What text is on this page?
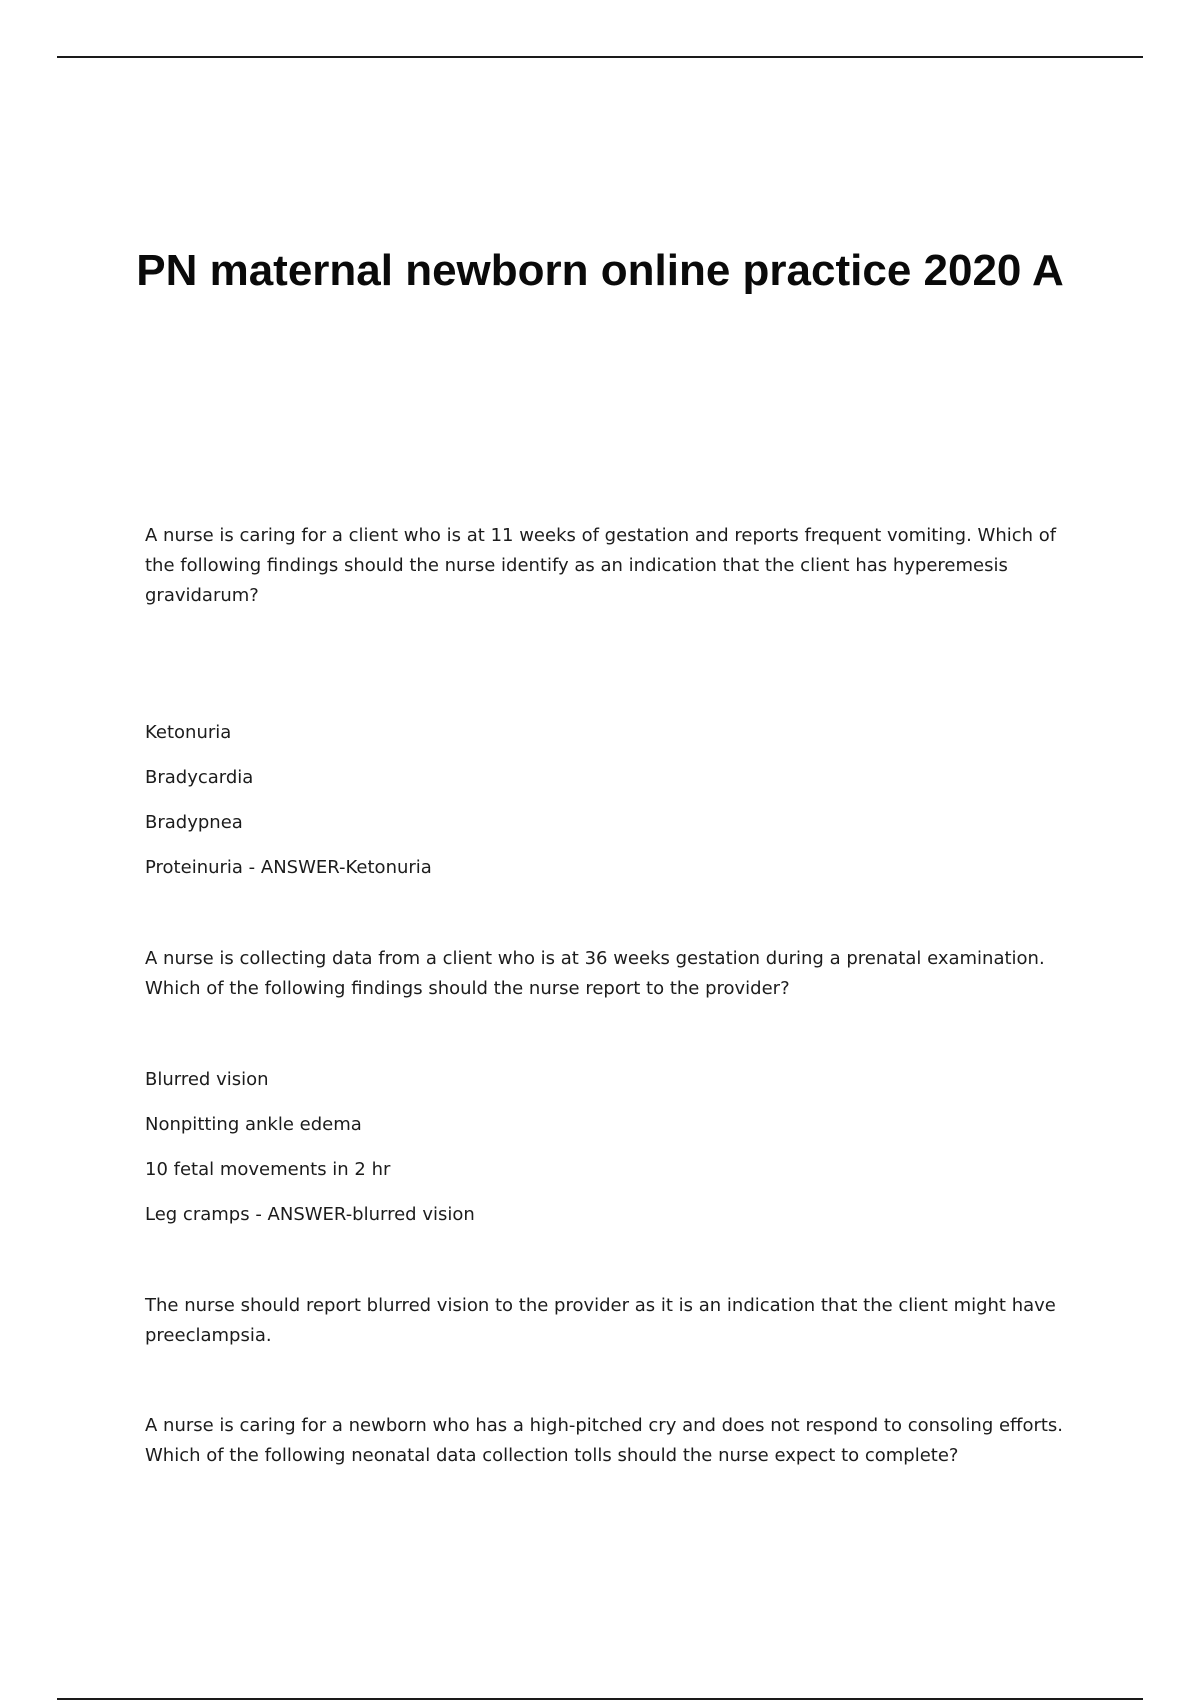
PN maternal newborn online practice 2020 A

A nurse is caring for a client who is at 11 weeks of gestation and reports frequent vomiting. Which of the following findings should the nurse identify as an indication that the client has hyperemesis gravidarum?

Ketonuria

Bradycardia

Bradypnea

Proteinuria - ANSWER-Ketonuria

A nurse is collecting data from a client who is at 36 weeks gestation during a prenatal examination. Which of the following findings should the nurse report to the provider?

Blurred vision

Nonpitting ankle edema

10 fetal movements in 2 hr

Leg cramps - ANSWER-blurred vision

The nurse should report blurred vision to the provider as it is an indication that the client might have preeclampsia.

A nurse is caring for a newborn who has a high-pitched cry and does not respond to consoling efforts. Which of the following neonatal data collection tolls should the nurse expect to complete?
